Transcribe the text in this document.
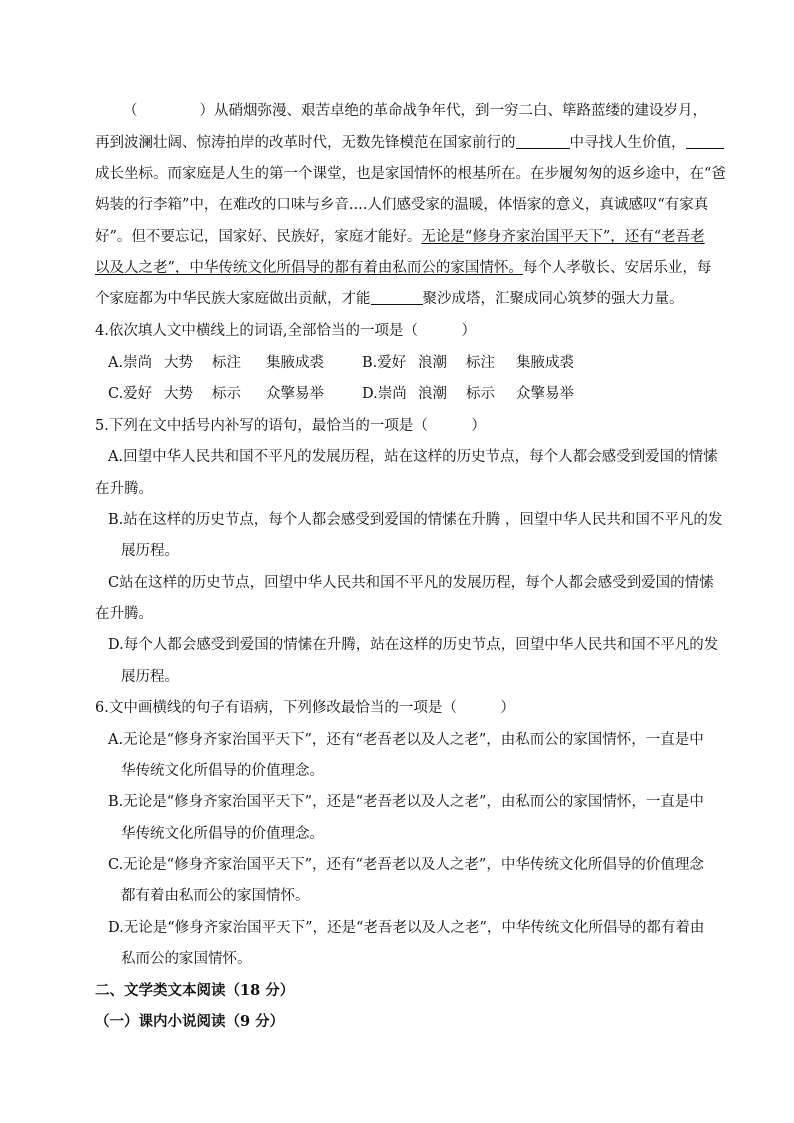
（	）从硝烟弥漫、艰苦卓绝的革命战争年代，到一穷二白、筚路蓝缕的建设岁月，
再到波澜壮阔、惊涛拍岸的改革时代，无数先锋模范在国家前行的	中寻找人生价值，
成长坐标。而家庭是人生的第一个课堂，也是家国情怀的根基所在。在步履匆匆的返乡途中，在“爸
妈装的行李箱”中，在难改的口味与乡音....人们感受家的温暖，体悟家的意义，真诚感叹“有家真
好”。但不要忘记，国家好、民族好，家庭才能好。无论是“修身齐家治国平天下”，还有“老吾老
以及人之老”，中华传统文化所倡导的都有着由私而公的家国情怀。每个人孝敬长、安居乐业，每
个家庭都为中华民族大家庭做出贡献，才能	聚沙成塔，汇聚成同心筑梦的强大力量。
4.依次填人文中横线上的词语,全部恰当的一项是（　　　）
A.崇尚 大势 标注 集腋成裘	B.爱好 浪潮 标注 集腋成裘
C.爱好 大势 标示 众擎易举	D.崇尚 浪潮 标示 众擎易举
5.下列在文中括号内补写的语句，最恰当的一项是（　　　）
A.回望中华人民共和国不平凡的发展历程，站在这样的历史节点，每个人都会感受到爱国的情愫
在升腾。
B.站在这样的历史节点，每个人都会感受到爱国的情愫在升腾 ，回望中华人民共和国不平凡的发
展历程。
C站在这样的历史节点，回望中华人民共和国不平凡的发展历程，每个人都会感受到爱国的情愫
在升腾。
D.每个人都会感受到爱国的情愫在升腾，站在这样的历史节点，回望中华人民共和国不平凡的发
展历程。
6.文中画横线的句子有语病，下列修改最恰当的一项是（　　　）
A.无论是“修身齐家治国平天下”，还有“老吾老以及人之老”，由私而公的家国情怀，一直是中
华传统文化所倡导的价值理念。
B.无论是“修身齐家治国平天下”，还是“老吾老以及人之老”，由私而公的家国情怀，一直是中
华传统文化所倡导的价值理念。
C.无论是“修身齐家治国平天下”，还有“老吾老以及人之老”，中华传统文化所倡导的价值理念
都有着由私而公的家国情怀。
D.无论是“修身齐家治国平天下”，还是“老吾老以及人之老”，中华传统文化所倡导的都有着由
私而公的家国情怀。
二、文学类文本阅读（18 分）
（一）课内小说阅读（9 分）
